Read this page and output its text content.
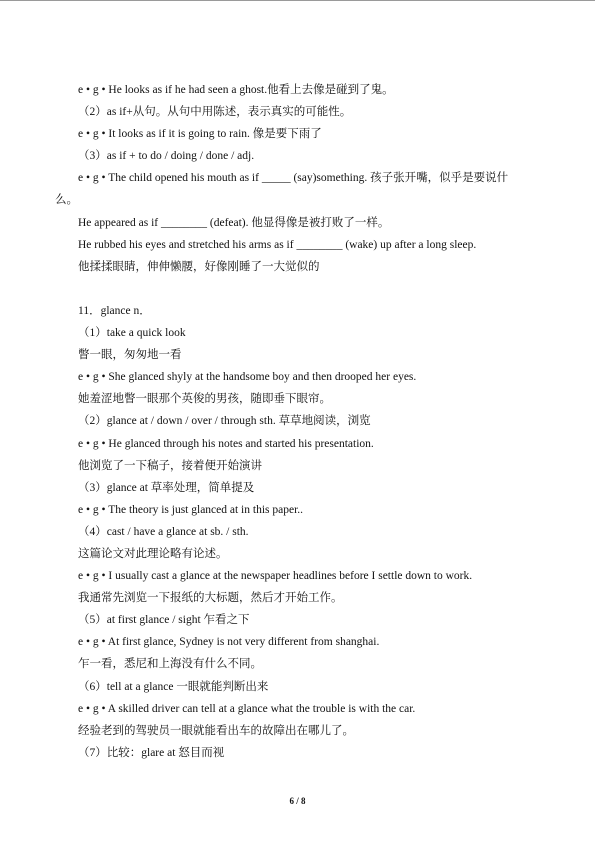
e • g • He looks as if he had seen a ghost.他看上去像是碰到了鬼。
（2）as if+从句。从句中用陈述，表示真实的可能性。
e • g • It looks as if it is going to rain. 像是要下雨了
（3）as if + to do / doing / done / adj.
e • g • The child opened his mouth as if _____ (say)something. 孩子张开嘴，似乎是要说什
么。
He appeared as if ________ (defeat). 他显得像是被打败了一样。
He rubbed his eyes and stretched his arms as if ________ (wake) up after a long sleep.
他揉揉眼睛，伸伸懒腰，好像刚睡了一大觉似的
11．glance n．
（1）take a quick look
瞥一眼，匆匆地一看
e • g • She glanced shyly at the handsome boy and then drooped her eyes.
她羞涩地瞥一眼那个英俊的男孩，随即垂下眼帘。
（2）glance at / down / over / through sth. 草草地阅读，浏览
e • g • He glanced through his notes and started his presentation.
他浏览了一下稿子，接着便开始演讲
（3）glance at 草率处理，简单提及
e • g • The theory is just glanced at in this paper..
（4）cast / have a glance at sb. / sth.
这篇论文对此理论略有论述。
e • g • I usually cast a glance at the newspaper headlines before I settle down to work.
我通常先浏览一下报纸的大标题，然后才开始工作。
（5）at first glance / sight 乍看之下
e • g • At first glance, Sydney is not very different from shanghai.
乍一看，悉尼和上海没有什么不同。
（6）tell at a glance 一眼就能判断出来
e • g • A skilled driver can tell at a glance what the trouble is with the car.
经验老到的驾驶员一眼就能看出车的故障出在哪儿了。
（7）比较：glare at 怒目而视
6 / 8
